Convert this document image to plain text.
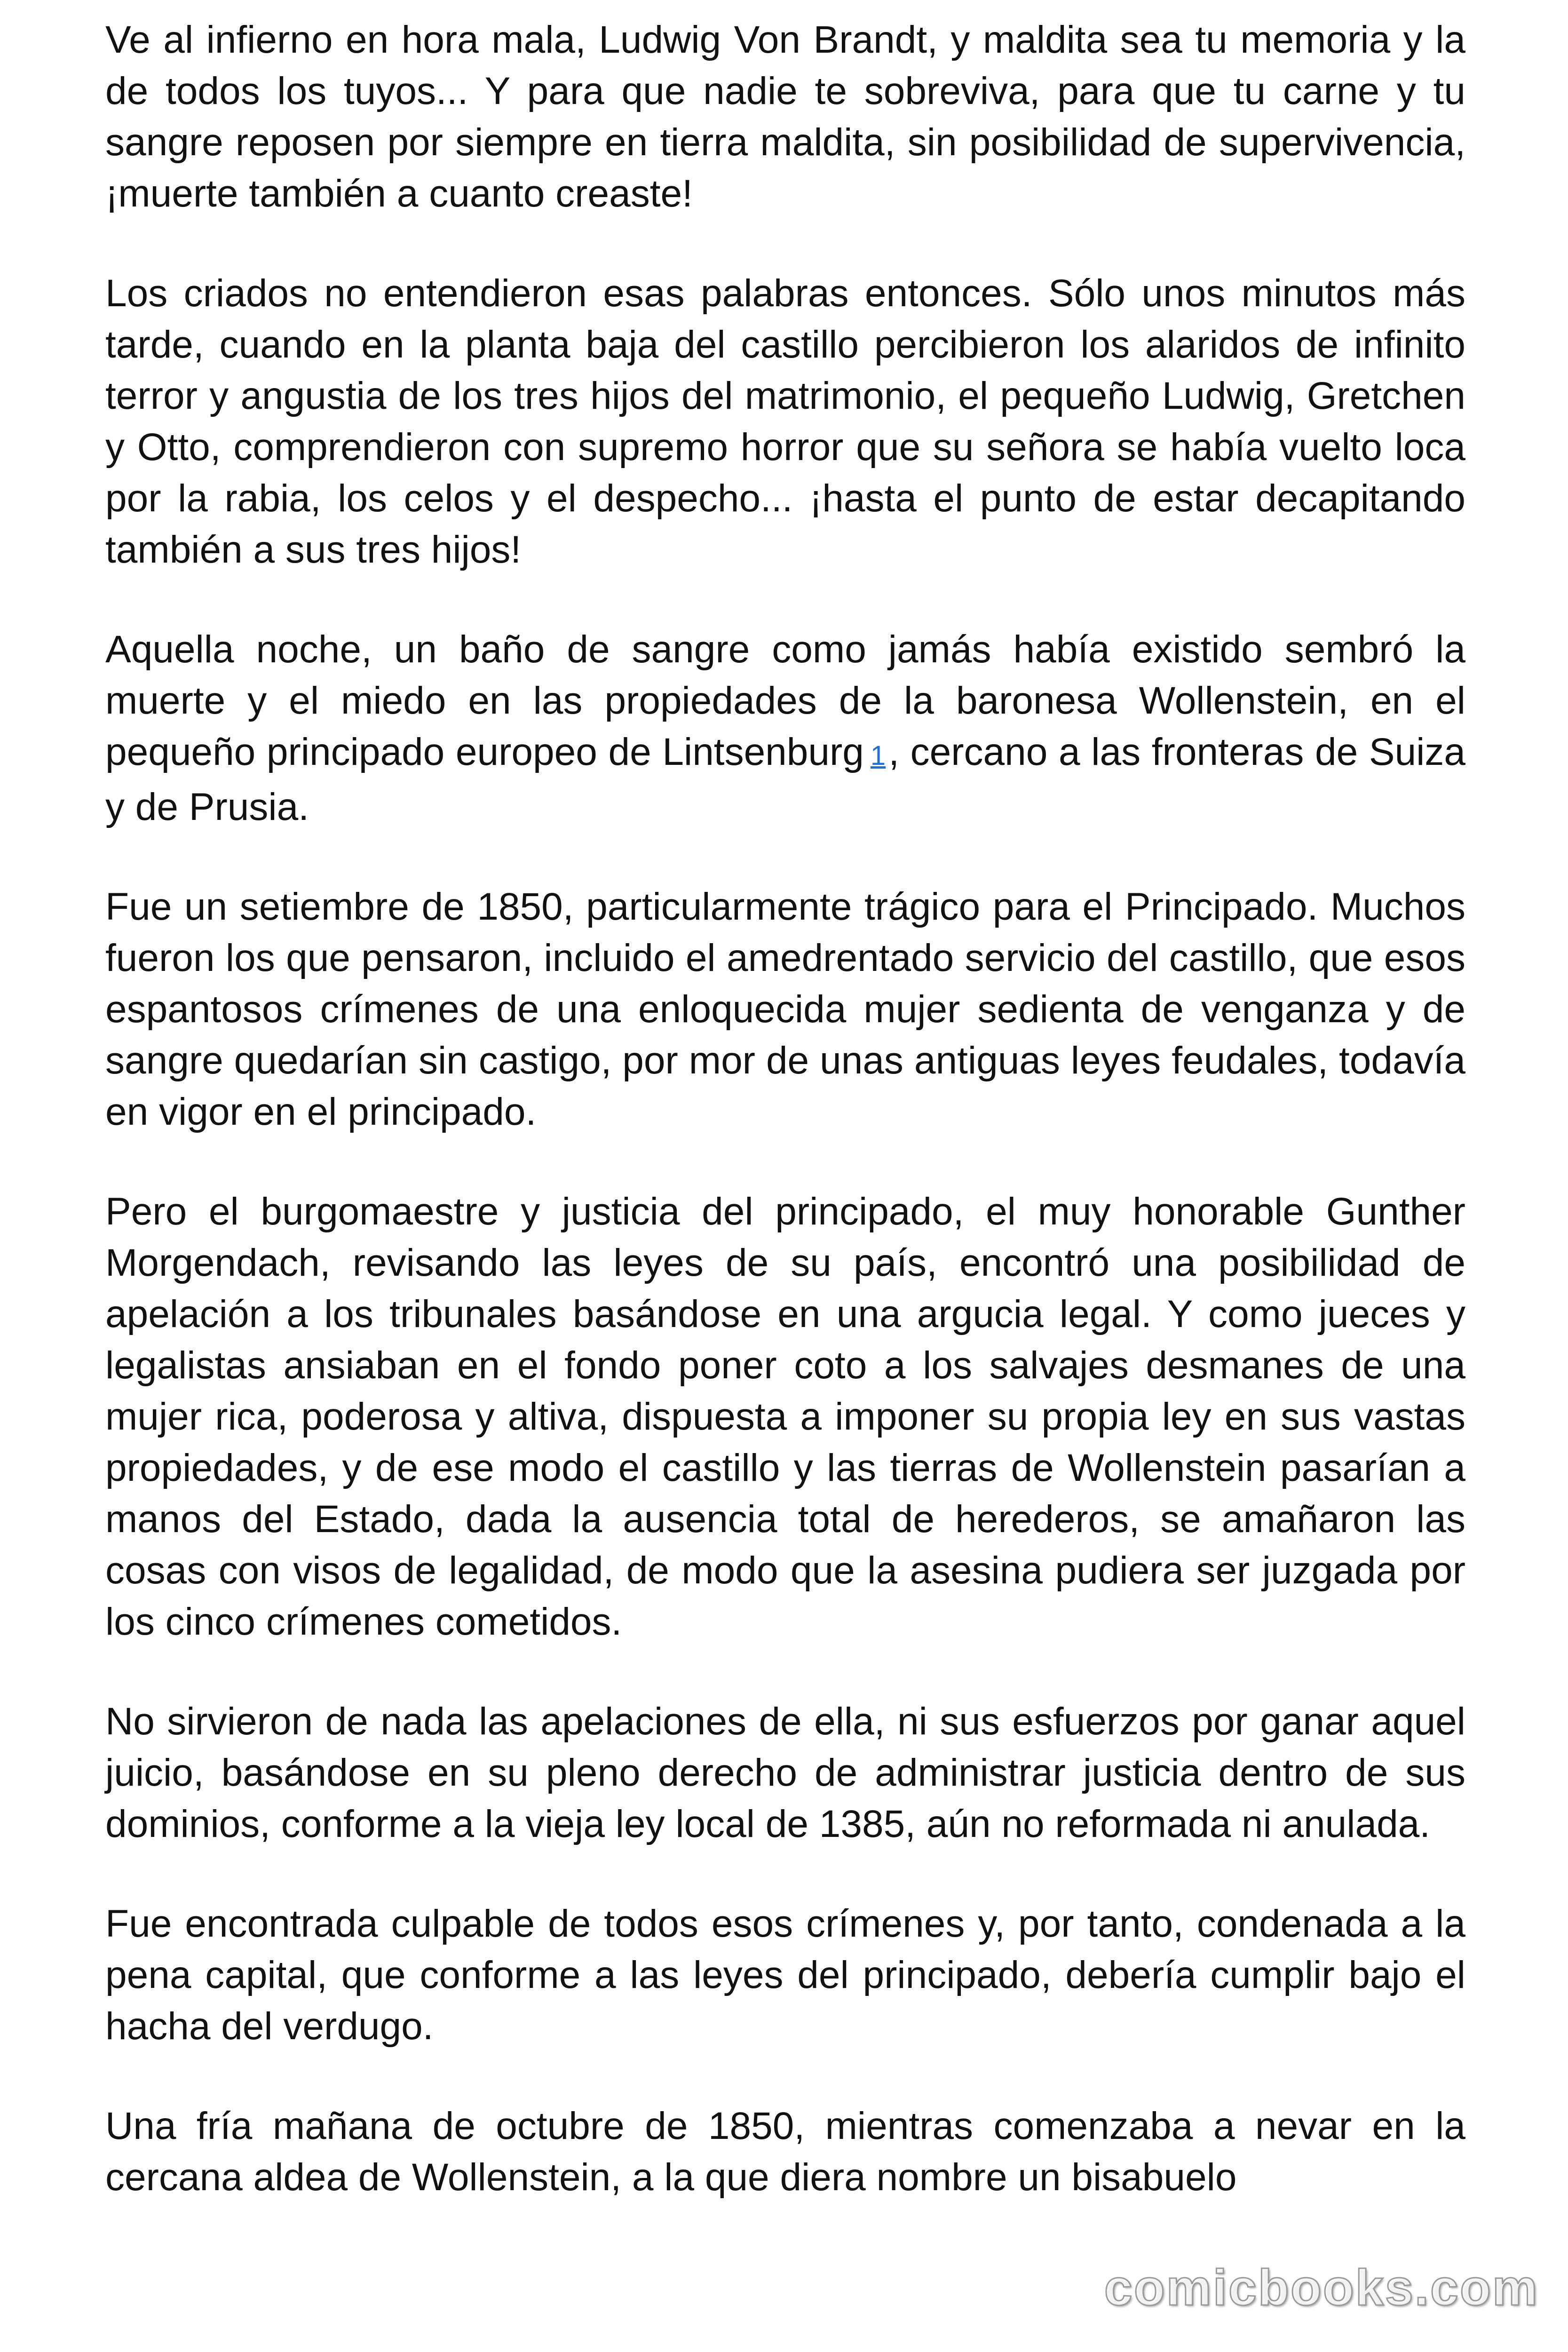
Ve al infierno en hora mala, Ludwig Von Brandt, y maldita sea tu memoria y la de todos los tuyos... Y para que nadie te sobreviva, para que tu carne y tu sangre reposen por siempre en tierra maldita, sin posibilidad de supervivencia, ¡muerte también a cuanto creaste!

Los criados no entendieron esas palabras entonces. Sólo unos minutos más tarde, cuando en la planta baja del castillo percibieron los alaridos de infinito terror y angustia de los tres hijos del matrimonio, el pequeño Ludwig, Gretchen y Otto, comprendieron con supremo horror que su señora se había vuelto loca por la rabia, los celos y el despecho... ¡hasta el punto de estar decapitando también a sus tres hijos!

Aquella noche, un baño de sangre como jamás había existido sembró la muerte y el miedo en las propiedades de la baronesa Wollenstein, en el pequeño principado europeo de Lintsenburg 1, cercano a las fronteras de Suiza y de Prusia.

Fue un setiembre de 1850, particularmente trágico para el Principado. Muchos fueron los que pensaron, incluido el amedrentado servicio del castillo, que esos espantosos crímenes de una enloquecida mujer sedienta de venganza y de sangre quedarían sin castigo, por mor de unas antiguas leyes feudales, todavía en vigor en el principado.

Pero el burgomaestre y justicia del principado, el muy honorable Gunther Morgendach, revisando las leyes de su país, encontró una posibilidad de apelación a los tribunales basándose en una argucia legal. Y como jueces y legalistas ansiaban en el fondo poner coto a los salvajes desmanes de una mujer rica, poderosa y altiva, dispuesta a imponer su propia ley en sus vastas propiedades, y de ese modo el castillo y las tierras de Wollenstein pasarían a manos del Estado, dada la ausencia total de herederos, se amañaron las cosas con visos de legalidad, de modo que la asesina pudiera ser juzgada por los cinco crímenes cometidos.

No sirvieron de nada las apelaciones de ella, ni sus esfuerzos por ganar aquel juicio, basándose en su pleno derecho de administrar justicia dentro de sus dominios, conforme a la vieja ley local de 1385, aún no reformada ni anulada.

Fue encontrada culpable de todos esos crímenes y, por tanto, condenada a la pena capital, que conforme a las leyes del principado, debería cumplir bajo el hacha del verdugo.

Una fría mañana de octubre de 1850, mientras comenzaba a nevar en la cercana aldea de Wollenstein, a la que diera nombre un bisabuelo

comicbooks.com
